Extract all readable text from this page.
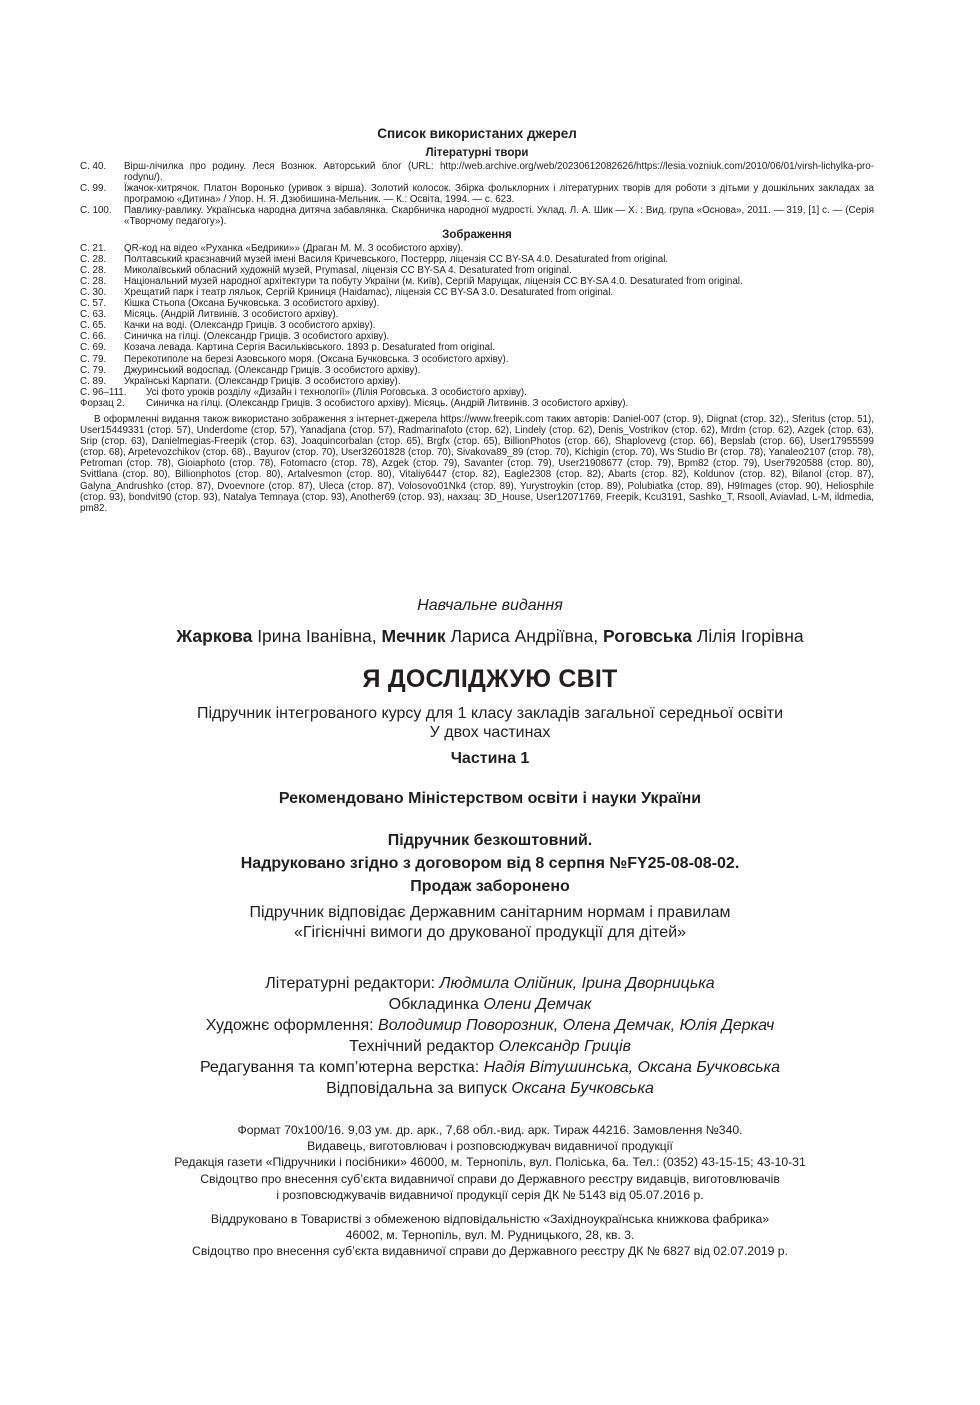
Список використаних джерел
Літературні твори
С. 40.	Вірш-лічилка про родину. Леся Вознюк. Авторський блог (URL: http://web.archive.org/web/20230612082626/https://lesia.vozniuk.com/2010/06/01/virsh-lichylka-pro-rodynu/).
С. 99.	Їжачок-хитрячок. Платон Воронько (уривок з вірша). Золотий колосок. Збірка фольклорних і літературних творів для роботи з дітьми у дошкільних закладах за програмою «Дитина» / Упор. Н. Я. Дзюбишина-Мельник. — К.: Освіта, 1994. — с. 623.
С. 100.	Павлику-равлику. Українська народна дитяча забавлянка. Скарбничка народної мудрості. Уклад. Л. А. Шик — Х. : Вид. група «Основа», 2011. — 319, [1] с. — (Серія «Творчому педагогу»).
Зображення
С. 21.	QR-код на відео «Руханка «Бедрики»» (Драган М. М. З особистого архіву).
С. 28.	Полтавський краєзнавчий музей імені Василя Кричевського, Постерpp, ліцензія CC BY-SA 4.0. Desaturated from original.
С. 28.	Миколаївський обласний художній музей, Prymasal, ліцензія CC BY-SA 4. Desaturated from original.
С. 28.	Національний музей народної архітектури та побуту України (м. Київ), Сергій Марущак, ліцензія CC BY-SA 4.0. Desaturated from original.
С. 30.	Хрещатий парк і театр ляльок, Сергій Криниця (Haidamac), ліцензія CC BY-SA 3.0. Desaturated from original.
С. 57.	Кішка Стьопа (Оксана Бучковська. З особистого архіву).
С. 63.	Місяць. (Андрій Литвинів. З особистого архіву).
С. 65.	Качки на воді. (Олександр Гриців. З особистого архіву).
С. 66.	Синичка на гілці. (Олександр Гриців. З особистого архіву).
С. 69.	Козача левада. Картина Сергія Васильківського. 1893 р. Desaturated from original.
С. 79.	Перекотиполе на березі Азовського моря. (Оксана Бучковська. З особистого архіву).
С. 79.	Джуринський водоспад. (Олександр Гриців. З особистого архіву).
С. 89.	Українські Карпати. (Олександр Гриців. З особистого архіву).
С. 96–111.	Усі фото уроків розділу «Дизайн і технології» (Лілія Роговська. З особистого архіву).
Форзац 2.	Синичка на гілці. (Олександр Гриців. З особистого архіву). Місяць. (Андрій Литвинів. З особистого архіву).
В оформленні видання також використано зображення з інтернет-джерела https://www.freepik.com таких авторів: Daniel-007 (стор. 9), Diignat (стор. 32)., Sferitus (стор. 51), User15449331 (стор. 57), Underdome (стор. 57), Yanadjana (стор. 57), Radmarinafoto (стор. 62), Lindely (стор. 62), Denis_Vostrikov (стор. 62), Mrdm (стор. 62), Azgek (стор. 63), Srip (стор. 63), Danielmegias-Freepik (стор. 63), Joaquincorbalan (стор. 65), Brgfx (стор. 65), BillionPhotos (стор. 66), Shaplovevg (стор. 66), Bepslab (стор. 66), User17955599 (стор. 68), Arpetevozchikov (стор. 68)., Bayurov (стор. 70), User32601828 (стор. 70), Sivakova89_89 (стор. 70), Kichigin (стор. 70), Ws Studio Br (стор. 78), Yanaleo2107 (стор. 78), Petroman (стор. 78), Gioiaphoto (стор. 78), Fotomacro (стор. 78), Azgek (стор. 79), Savanter (стор. 79), User21908677 (стор. 79), Bpm82 (стор. 79), User7920588 (стор. 80), Svittlana (стор. 80), Billionphotos (стор. 80), Artalvesmon (стор. 80), Vitaliy6447 (стор. 82), Eagle2308 (стор. 82), Abarts (стор. 82), Koldunov (стор. 82), Bilanol (стор. 87), Galyna_Andrushko (стор. 87), Dvoevnore (стор. 87), Uleca (стор. 87), Volosovo01Nk4 (стор. 89), Yurystroykin (стор. 89), Polubiatka (стор. 89), H9Images (стор. 90), Heliosphile (стор. 93), bondvit90 (стор. 93), Natalya Temnaya (стор. 93), Another69 (стор. 93), нахзац: 3D_House, User12071769, Freepik, Kcu3191, Sashko_T, Rsooll, Aviavlad, L-M, ildmedia, pm82.
Навчальне видання
Жаркова Ірина Іванівна, Мечник Лариса Андріївна, Роговська Лілія Ігорівна
Я ДОСЛІДЖУЮ СВІТ
Підручник інтегрованого курсу для 1 класу закладів загальної середньої освіти
У двох частинах
Частина 1
Рекомендовано Міністерством освіти і науки України
Підручник безкоштовний.
Надруковано згідно з договором від 8 серпня №FY25-08-08-02.
Продаж заборонено
Підручник відповідає Державним санітарним нормам і правилам
«Гігієнічні вимоги до друкованої продукції для дітей»
Літературні редактори: Людмила Олійник, Ірина Дворницька
Обкладинка Олени Демчак
Художнє оформлення: Володимир Поворозник, Олена Демчак, Юлія Деркач
Технічний редактор Олександр Гриців
Редагування та комп’ютерна верстка: Надія Вітушинська, Оксана Бучковська
Відповідальна за випуск Оксана Бучковська
Формат 70х100/16. 9,03 ум. др. арк., 7,68 обл.-вид. арк. Тираж 44216. Замовлення №340.
Видавець, виготовлювач і розповсюджувач видавничої продукції
Редакція газети «Підручники і посібники» 46000, м. Тернопіль, вул. Поліська, 6а. Тел.: (0352) 43-15-15; 43-10-31
Свідоцтво про внесення суб’єкта видавничої справи до Державного реєстру видавців, виготовлювачів
і розповсюджувачів видавничої продукції серія ДК № 5143 від 05.07.2016 р.
Віддруковано в Товаристві з обмеженою відповідальністю «Західноукраїнська книжкова фабрика»
46002, м. Тернопіль, вул. М. Рудницького, 28, кв. 3.
Свідоцтво про внесення суб’єкта видавничої справи до Державного реєстру ДК № 6827 від 02.07.2019 р.
